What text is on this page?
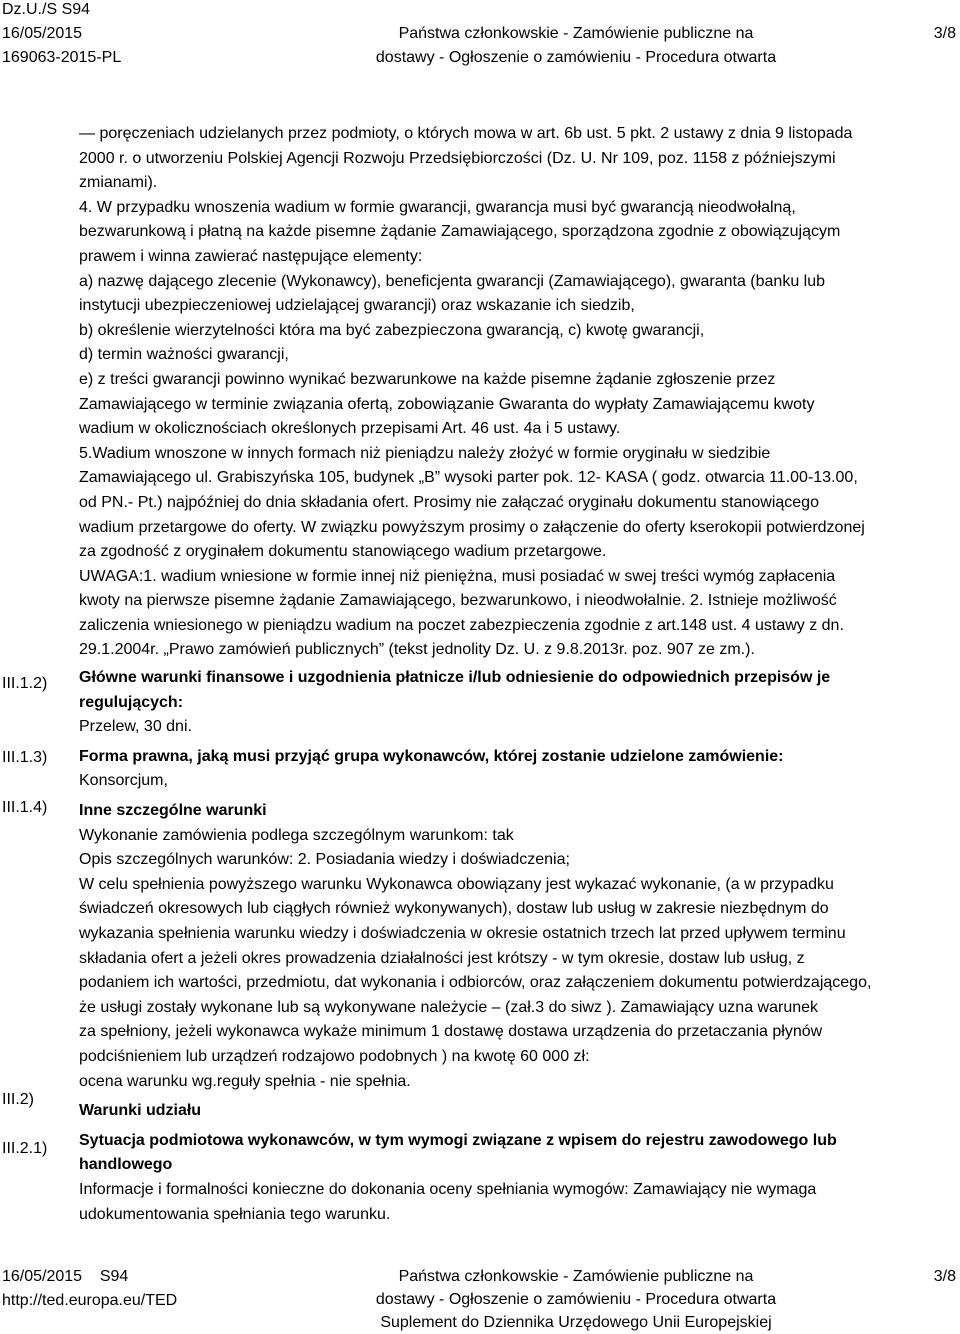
Dz.U./S S94
16/05/2015
169063-2015-PL
Państwa członkowskie - Zamówienie publiczne na
dostawy - Ogłoszenie o zamówieniu - Procedura otwarta
3/8
III.1.2)
III.1.3)
III.1.4)
III.2)
III.2.1)

— poręczeniach udzielanych przez podmioty, o których mowa w art. 6b ust. 5 pkt. 2 ustawy z dnia 9 listopada

2000 r. o utworzeniu Polskiej Agencji Rozwoju Przedsiębiorczości (Dz. U. Nr 109, poz. 1158 z późniejszymi

zmianami).

4. W przypadku wnoszenia wadium w formie gwarancji, gwarancja musi być gwarancją nieodwołalną,

bezwarunkową i płatną na każde pisemne żądanie Zamawiającego, sporządzona zgodnie z obowiązującym

prawem i winna zawierać następujące elementy:

a) nazwę dającego zlecenie (Wykonawcy), beneficjenta gwarancji (Zamawiającego), gwaranta (banku lub

instytucji ubezpieczeniowej udzielającej gwarancji) oraz wskazanie ich siedzib,

b) określenie wierzytelności która ma być zabezpieczona gwarancją, c) kwotę gwarancji,

d) termin ważności gwarancji,

e) z treści gwarancji powinno wynikać bezwarunkowe na każde pisemne żądanie zgłoszenie przez

Zamawiającego w terminie związania ofertą, zobowiązanie Gwaranta do wypłaty Zamawiającemu kwoty

wadium w okolicznościach określonych przepisami Art. 46 ust. 4a i 5 ustawy.

5.Wadium wnoszone w innych formach niż pieniądzu należy złożyć w formie oryginału w siedzibie

Zamawiającego ul. Grabiszyńska 105, budynek „B” wysoki parter pok. 12- KASA ( godz. otwarcia 11.00-13.00,

od PN.- Pt.) najpóźniej do dnia składania ofert. Prosimy nie załączać oryginału dokumentu stanowiącego

wadium przetargowe do oferty. W związku powyższym prosimy o załączenie do oferty kserokopii potwierdzonej

za zgodność z oryginałem dokumentu stanowiącego wadium przetargowe.

UWAGA:1. wadium wniesione w formie innej niż pieniężna, musi posiadać w swej treści wymóg zapłacenia

kwoty na pierwsze pisemne żądanie Zamawiającego, bezwarunkowo, i nieodwołalnie. 2. Istnieje możliwość

zaliczenia wniesionego w pieniądzu wadium na poczet zabezpieczenia zgodnie z art.148 ust. 4 ustawy z dn.

29.1.2004r. „Prawo zamówień publicznych” (tekst jednolity Dz. U. z 9.8.2013r. poz. 907 ze zm.).

Główne warunki finansowe i uzgodnienia płatnicze i/lub odniesienie do odpowiednich przepisów je

regulujących:

Przelew, 30 dni.

Forma prawna, jaką musi przyjąć grupa wykonawców, której zostanie udzielone zamówienie:

Konsorcjum,

Inne szczególne warunki

Wykonanie zamówienia podlega szczególnym warunkom: tak

Opis szczególnych warunków: 2. Posiadania wiedzy i doświadczenia;

W celu spełnienia powyższego warunku Wykonawca obowiązany jest wykazać wykonanie, (a w przypadku

świadczeń okresowych lub ciągłych również wykonywanych), dostaw lub usług w zakresie niezbędnym do

wykazania spełnienia warunku wiedzy i doświadczenia w okresie ostatnich trzech lat przed upływem terminu

składania ofert a jeżeli okres prowadzenia działalności jest krótszy - w tym okresie, dostaw lub usług, z

podaniem ich wartości, przedmiotu, dat wykonania i odbiorców, oraz załączeniem dokumentu potwierdzającego,

że usługi zostały wykonane lub są wykonywane należycie – (zał.3 do siwz ). Zamawiający uzna warunek

za spełniony, jeżeli wykonawca wykaże minimum 1 dostawę dostawa urządzenia do przetaczania płynów

podciśnieniem lub urządzeń rodzajowo podobnych ) na kwotę 60 000 zł:

ocena warunku wg.reguły spełnia - nie spełnia.

Warunki udziału

Sytuacja podmiotowa wykonawców, w tym wymogi związane z wpisem do rejestru zawodowego lub

handlowego

Informacje i formalności konieczne do dokonania oceny spełniania wymogów: Zamawiający nie wymaga

udokumentowania spełniania tego warunku.

16/05/2015 S94
http://ted.europa.eu/TED
Państwa członkowskie - Zamówienie publiczne na
dostawy - Ogłoszenie o zamówieniu - Procedura otwarta
Suplement do Dziennika Urzędowego Unii Europejskiej
3/8
